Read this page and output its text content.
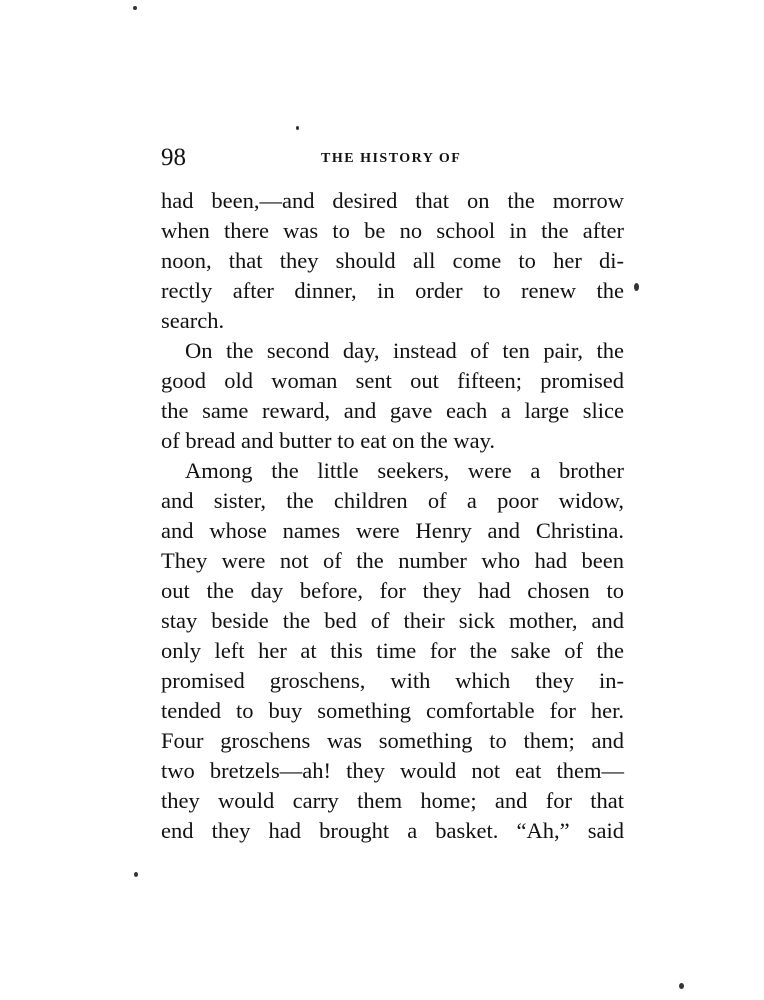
98	THE HISTORY OF
had been,—and desired that on the morrow
when there was to be no school in the after
noon, that they should all come to her di-
rectly after dinner, in order to renew the
search.
On the second day, instead of ten pair, the
good old woman sent out fifteen; promised
the same reward, and gave each a large slice
of bread and butter to eat on the way.
Among the little seekers, were a brother
and sister, the children of a poor widow,
and whose names were Henry and Christina.
They were not of the number who had been
out the day before, for they had chosen to
stay beside the bed of their sick mother, and
only left her at this time for the sake of the
promised groschens, with which they in-
tended to buy something comfortable for her.
Four groschens was something to them; and
two bretzels—ah! they would not eat them—
they would carry them home; and for that
end they had brought a basket. “Ah,” said
